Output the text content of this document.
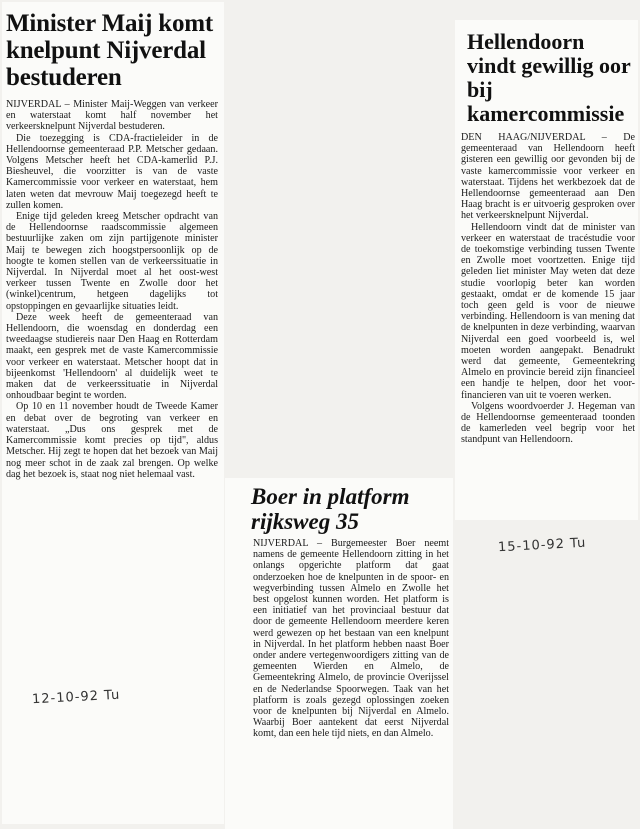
Minister Maij komt knelpunt Nijverdal bestuderen

NIJVERDAL – Minister Maij-Weggen van verkeer en waterstaat komt half november het verkeersknelpunt Nijverdal bestuderen.

Die toezegging is CDA-fractieleider in de Hellendoornse gemeenteraad P.P. Metscher gedaan. Volgens Metscher heeft het CDA-kamerlid P.J. Biesheuvel, die voorzitter is van de vaste Kamercommissie voor verkeer en waterstaat, hem laten weten dat mevrouw Maij toegezegd heeft te zullen komen.

Enige tijd geleden kreeg Metscher opdracht van de Hellendoornse raadscommissie algemeen bestuurlijke zaken om zijn partijgenote minister Maij te bewegen zich hoogstpersoonlijk op de hoogte te komen stellen van de verkeerssituatie in Nijverdal. In Nijverdal moet al het oost-west verkeer tussen Twente en Zwolle door het (winkel)centrum, hetgeen dagelijks tot opstoppingen en gevaarlijke situaties leidt.

Deze week heeft de gemeenteraad van Hellendoorn, die woensdag en donderdag een tweedaagse studiereis naar Den Haag en Rotterdam maakt, een gesprek met de vaste Kamercommissie voor verkeer en waterstaat. Metscher hoopt dat in bijeenkomst 'Hellendoorn' al duidelijk weet te maken dat de verkeerssituatie in Nijverdal onhoudbaar begint te worden.

Op 10 en 11 november houdt de Tweede Kamer en debat over de begroting van verkeer en waterstaat. „Dus ons gesprek met de Kamercommissie komt precies op tijd", aldus Metscher. Hij zegt te hopen dat het bezoek van Maij nog meer schot in de zaak zal brengen. Op welke dag het bezoek is, staat nog niet helemaal vast.

Hellendoorn vindt gewillig oor bij kamercommissie

DEN HAAG/NIJVERDAL – De gemeenteraad van Hellendoorn heeft gisteren een gewillig oor gevonden bij de vaste kamercommissie voor verkeer en waterstaat. Tijdens het werkbezoek dat de Hellendoornse gemeenteraad aan Den Haag bracht is er uitvoerig gesproken over het verkeersknelpunt Nijverdal.

Hellendoorn vindt dat de minister van verkeer en waterstaat de tracéstudie voor de toekomstige verbinding tussen Twente en Zwolle moet voortzetten. Enige tijd geleden liet minister May weten dat deze studie voorlopig beter kan worden gestaakt, omdat er de komende 15 jaar toch geen geld is voor de nieuwe verbinding. Hellendoorn is van mening dat de knelpunten in deze verbinding, waarvan Nijverdal een goed voorbeeld is, wel moeten worden aangepakt. Benadrukt werd dat gemeente, Gemeentekring Almelo en provincie bereid zijn financieel een handje te helpen, door het voor-financieren van uit te voeren werken.

Volgens woordvoerder J. Hegeman van de Hellendoornse gemeenteraad toonden de kamerleden veel begrip voor het standpunt van Hellendoorn.

Boer in platform rijksweg 35

NIJVERDAL – Burgemeester Boer neemt namens de gemeente Hellendoorn zitting in het onlangs opgerichte platform dat gaat onderzoeken hoe de knelpunten in de spoor- en wegverbinding tussen Almelo en Zwolle het best opgelost kunnen worden. Het platform is een initiatief van het provinciaal bestuur dat door de gemeente Hellendoorn meerdere keren werd gewezen op het bestaan van een knelpunt in Nijverdal. In het platform hebben naast Boer onder andere vertegenwoordigers zitting van de gemeenten Wierden en Almelo, de Gemeentekring Almelo, de provincie Overijssel en de Nederlandse Spoorwegen. Taak van het platform is zoals gezegd oplossingen zoeken voor de knelpunten bij Nijverdal en Almelo. Waarbij Boer aantekent dat eerst Nijverdal komt, dan een hele tijd niets, en dan Almelo.

12-10-92 Tu
15-10-92 Tu
